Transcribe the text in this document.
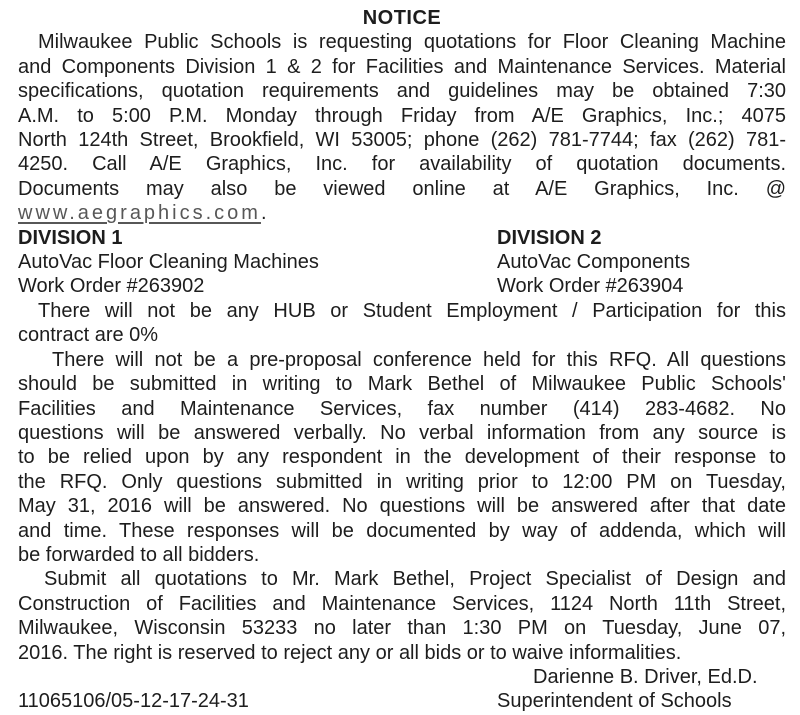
NOTICE
Milwaukee Public Schools is requesting quotations for Floor Cleaning Machine
and Components Division 1 & 2 for Facilities and Maintenance Services. Material
specifications, quotation requirements and guidelines may be obtained 7:30
A.M. to 5:00 P.M. Monday through Friday from A/E Graphics, Inc.; 4075
North 124th Street, Brookfield, WI 53005; phone (262) 781-7744; fax (262) 781-
4250. Call A/E Graphics, Inc. for availability of quotation documents.
Documents may also be viewed online at A/E Graphics, Inc. @
www.aegraphics.com.
DIVISION 1
AutoVac Floor Cleaning Machines
Work Order #263902
DIVISION 2
AutoVac Components
Work Order #263904
There will not be any HUB or Student Employment / Participation for this
contract are 0%
There will not be a pre-proposal conference held for this RFQ. All questions
should be submitted in writing to Mark Bethel of Milwaukee Public Schools'
Facilities and Maintenance Services, fax number (414) 283-4682. No
questions will be answered verbally. No verbal information from any source is
to be relied upon by any respondent in the development of their response to
the RFQ. Only questions submitted in writing prior to 12:00 PM on Tuesday,
May 31, 2016 will be answered. No questions will be answered after that date
and time. These responses will be documented by way of addenda, which will
be forwarded to all bidders.
Submit all quotations to Mr. Mark Bethel, Project Specialist of Design and
Construction of Facilities and Maintenance Services, 1124 North 11th Street,
Milwaukee, Wisconsin 53233 no later than 1:30 PM on Tuesday, June 07,
2016. The right is reserved to reject any or all bids or to waive informalities.
Darienne B. Driver, Ed.D.
11065106/05-12-17-24-31	Superintendent of Schools
